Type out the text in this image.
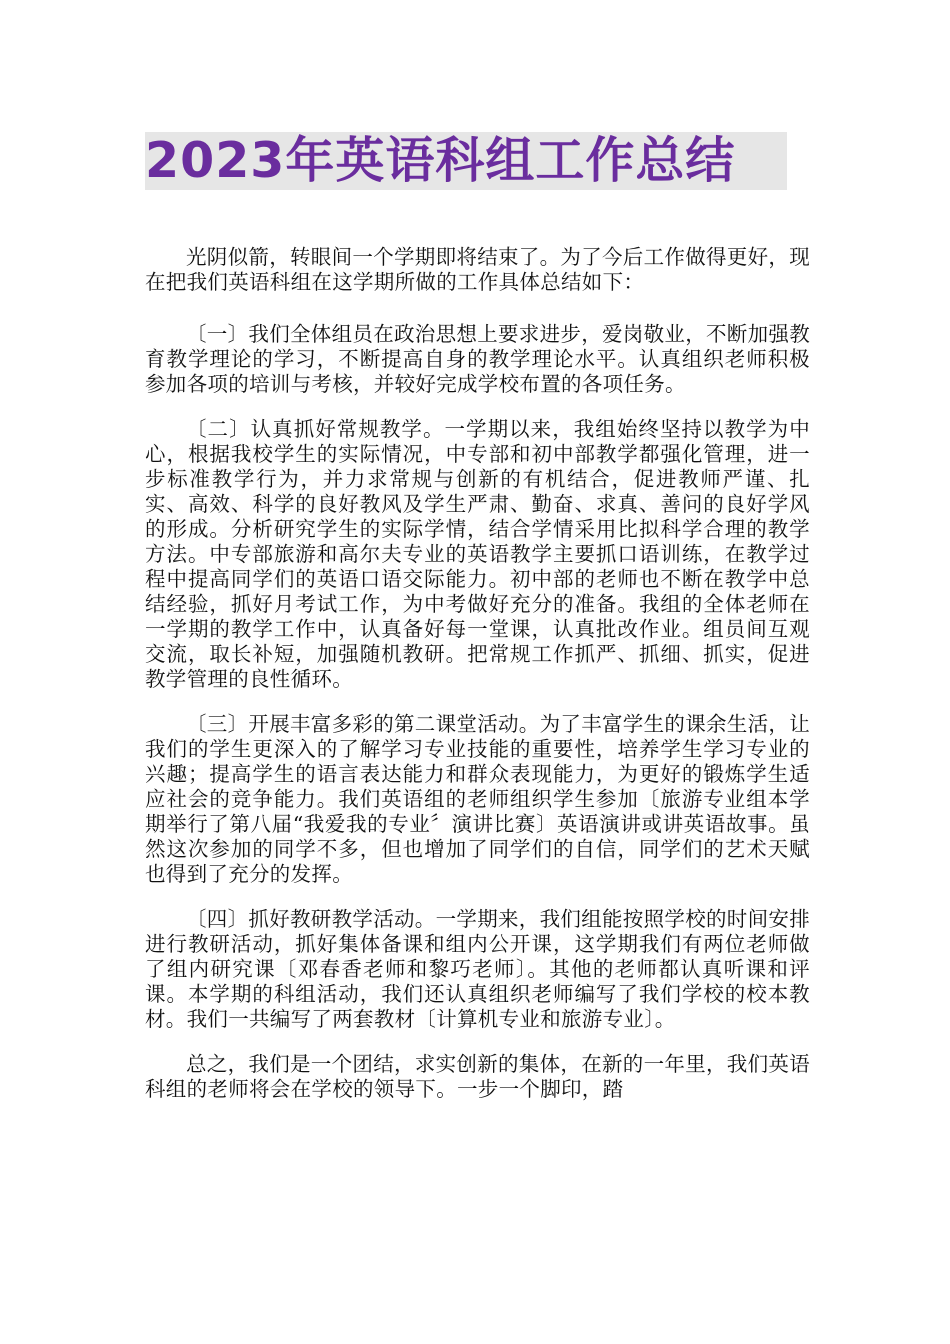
2023年英语科组工作总结

光阴似箭，转眼间一个学期即将结束了。为了今后工作做得更好，现在把我们英语科组在这学期所做的工作具体总结如下：

〔一〕我们全体组员在政治思想上要求进步，爱岗敬业，不断加强教育教学理论的学习，不断提高自身的教学理论水平。认真组织老师积极参加各项的培训与考核，并较好完成学校布置的各项任务。

〔二〕认真抓好常规教学。一学期以来，我组始终坚持以教学为中心，根据我校学生的实际情况，中专部和初中部教学都强化管理，进一步标准教学行为，并力求常规与创新的有机结合，促进教师严谨、扎实、高效、科学的良好教风及学生严肃、勤奋、求真、善问的良好学风的形成。分析研究学生的实际学情，结合学情采用比拟科学合理的教学方法。中专部旅游和高尔夫专业的英语教学主要抓口语训练，在教学过程中提高同学们的英语口语交际能力。初中部的老师也不断在教学中总结经验，抓好月考试工作，为中考做好充分的准备。我组的全体老师在一学期的教学工作中，认真备好每一堂课，认真批改作业。组员间互观交流，取长补短，加强随机教研。把常规工作抓严、抓细、抓实，促进教学管理的良性循环。

〔三〕开展丰富多彩的第二课堂活动。为了丰富学生的课余生活，让我们的学生更深入的了解学习专业技能的重要性，培养学生学习专业的兴趣；提高学生的语言表达能力和群众表现能力，为更好的锻炼学生适应社会的竞争能力。我们英语组的老师组织学生参加〔旅游专业组本学期举行了第八届“我爱我的专业〞演讲比赛〕英语演讲或讲英语故事。虽然这次参加的同学不多，但也增加了同学们的自信，同学们的艺术天赋也得到了充分的发挥。

〔四〕抓好教研教学活动。一学期来，我们组能按照学校的时间安排进行教研活动，抓好集体备课和组内公开课，这学期我们有两位老师做了组内研究课〔邓春香老师和黎巧老师〕。其他的老师都认真听课和评课。本学期的科组活动，我们还认真组织老师编写了我们学校的校本教材。我们一共编写了两套教材〔计算机专业和旅游专业〕。

总之，我们是一个团结，求实创新的集体，在新的一年里，我们英语科组的老师将会在学校的领导下。一步一个脚印，踏
